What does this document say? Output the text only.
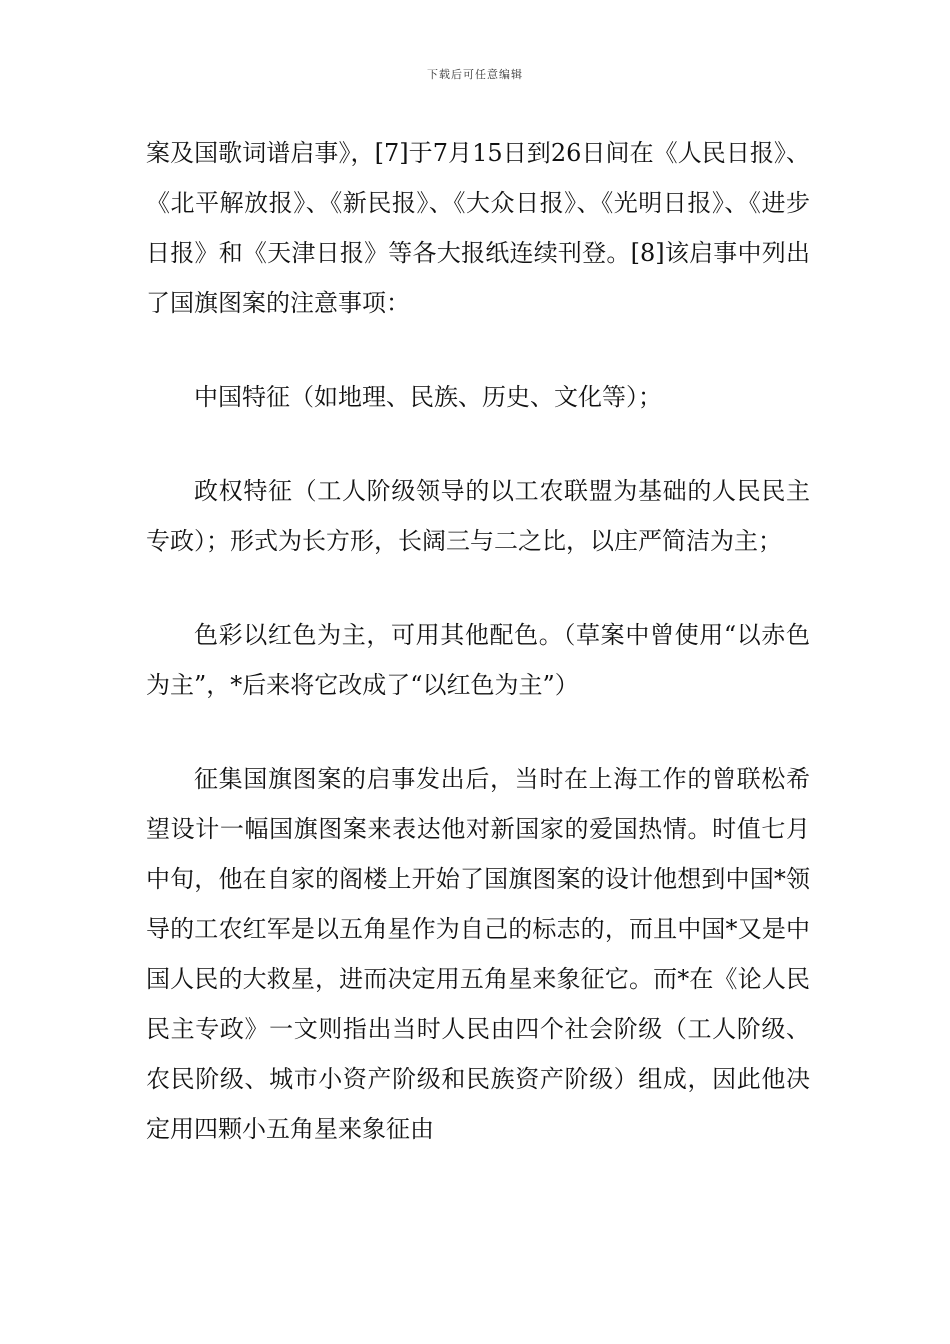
下载后可任意编辑

案及国歌词谱启事》，[7]于7月15日到26日间在《人民日报》、《北平解放报》、《新民报》、《大众日报》、《光明日报》、《进步日报》和《天津日报》等各大报纸连续刊登。[8]该启事中列出了国旗图案的注意事项：

中国特征（如地理、民族、历史、文化等）；

政权特征（工人阶级领导的以工农联盟为基础的人民民主专政）；形式为长方形，长阔三与二之比，以庄严简洁为主；

色彩以红色为主，可用其他配色。（草案中曾使用“以赤色为主”，*后来将它改成了“以红色为主”）

征集国旗图案的启事发出后，当时在上海工作的曾联松希望设计一幅国旗图案来表达他对新国家的爱国热情。时值七月中旬，他在自家的阁楼上开始了国旗图案的设计他想到中国*领导的工农红军是以五角星作为自己的标志的，而且中国*又是中国人民的大救星，进而决定用五角星来象征它。而*在《论人民民主专政》一文则指出当时人民由四个社会阶级（工人阶级、农民阶级、城市小资产阶级和民族资产阶级）组成，因此他决定用四颗小五角星来象征由
